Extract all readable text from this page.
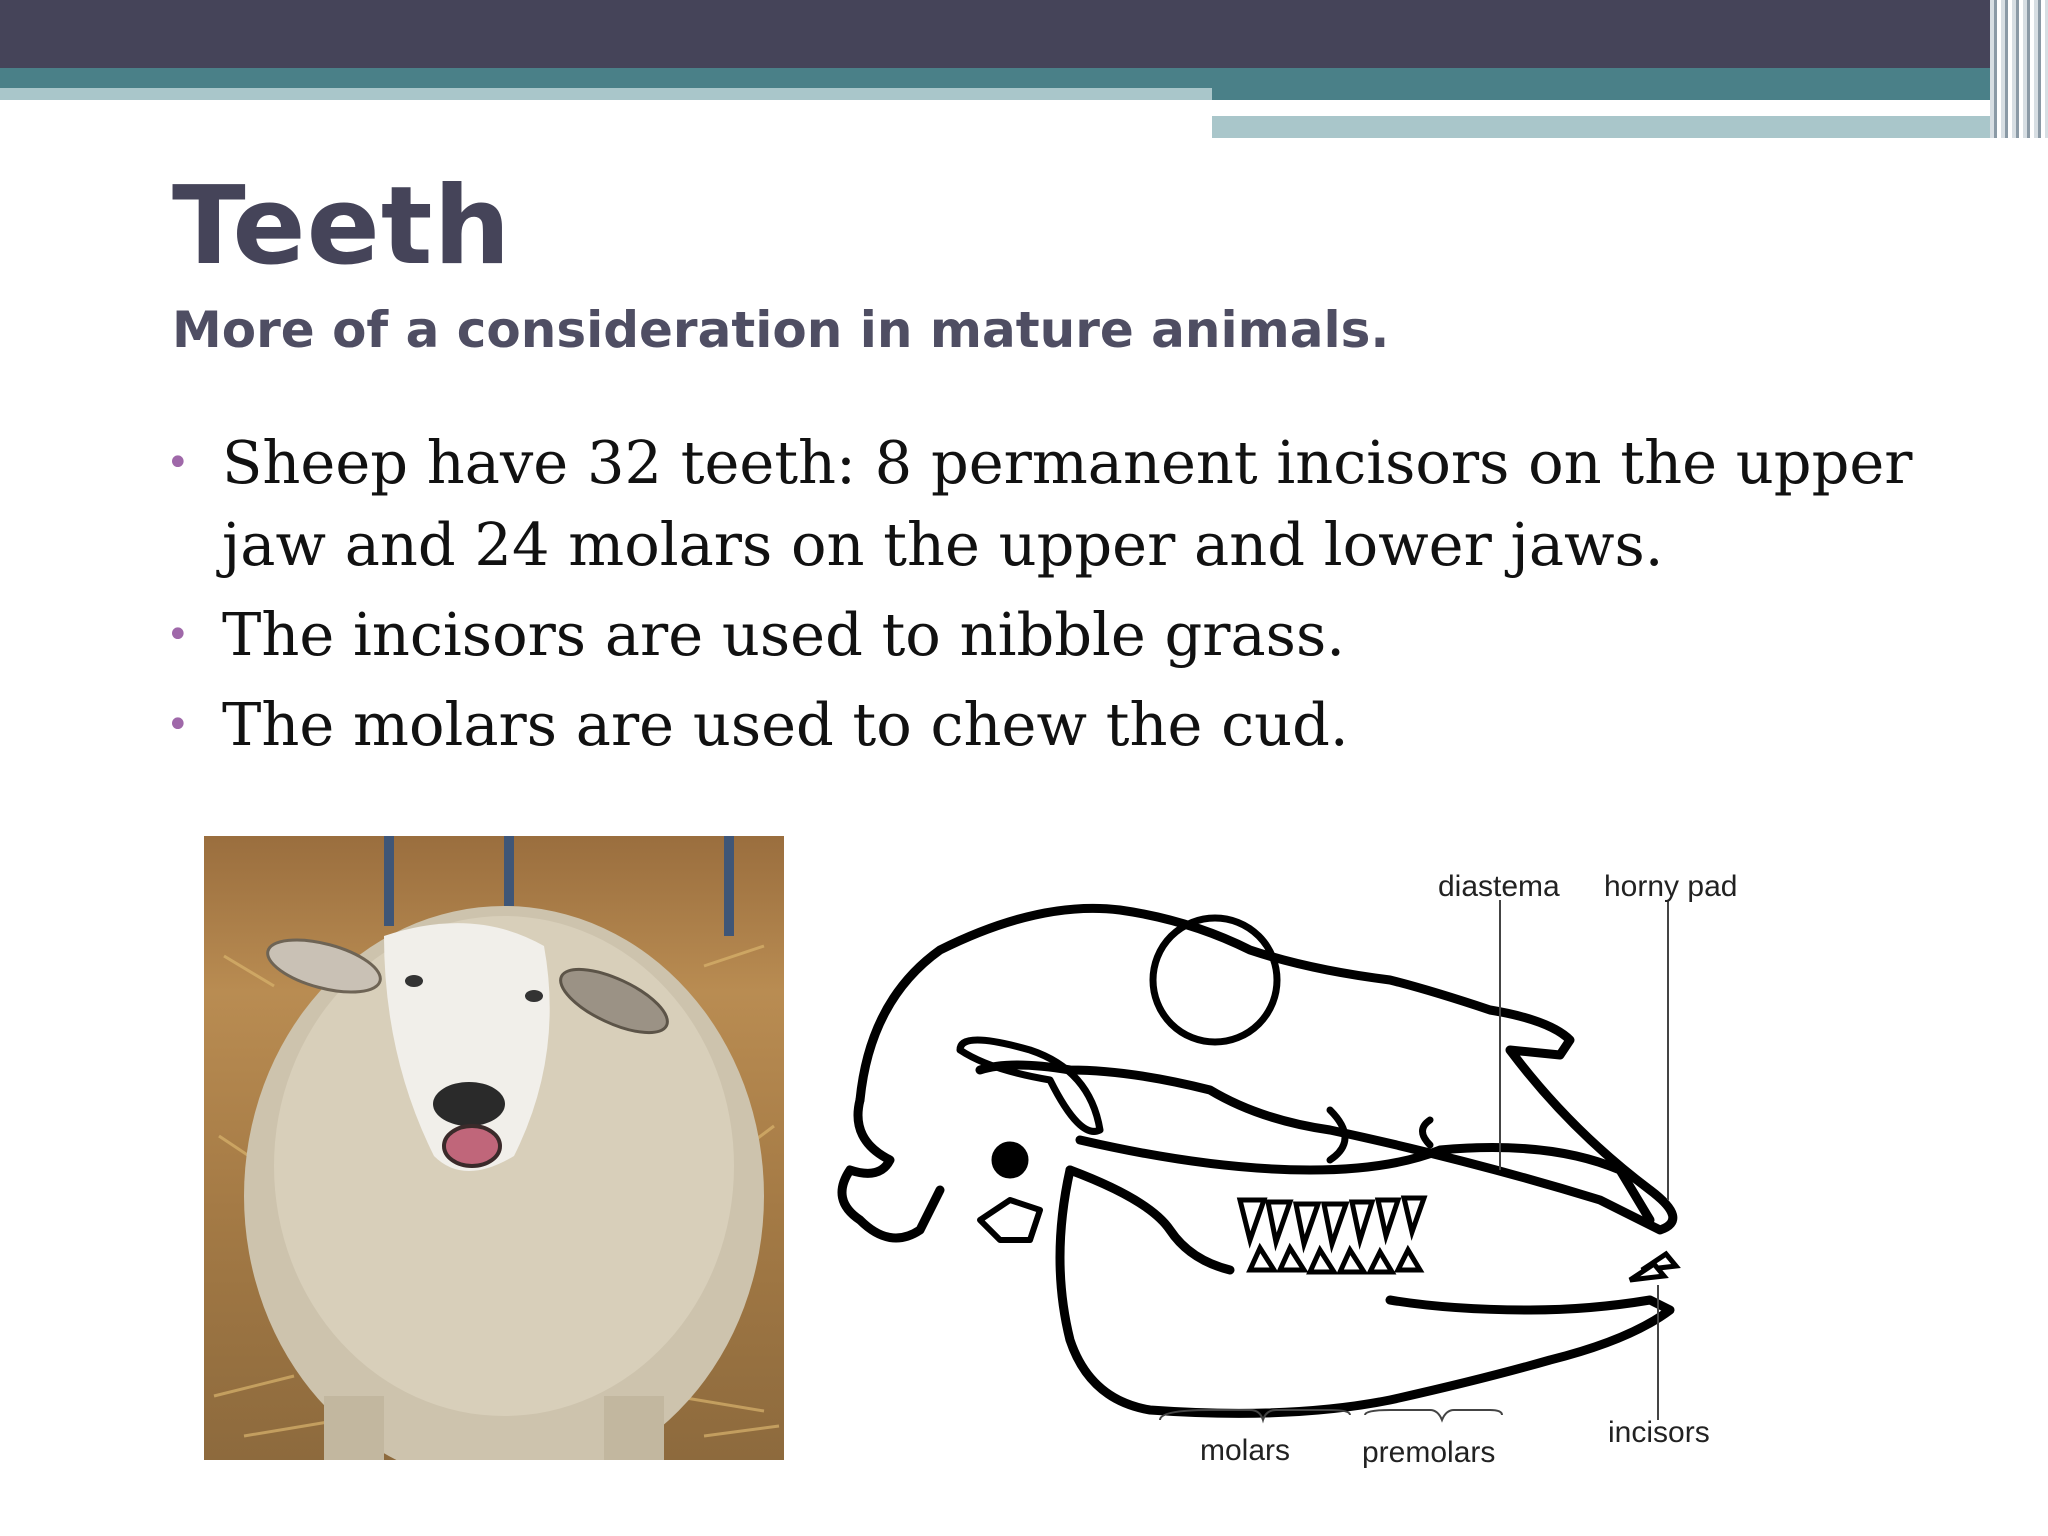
Teeth
More of a consideration in mature animals.
• Sheep have 32 teeth: 8 permanent incisors on the upper jaw and 24 molars on the upper and lower jaws.
• The incisors are used to nibble grass.
• The molars are used to chew the cud.
diastema horny pad
molars premolars
incisors
